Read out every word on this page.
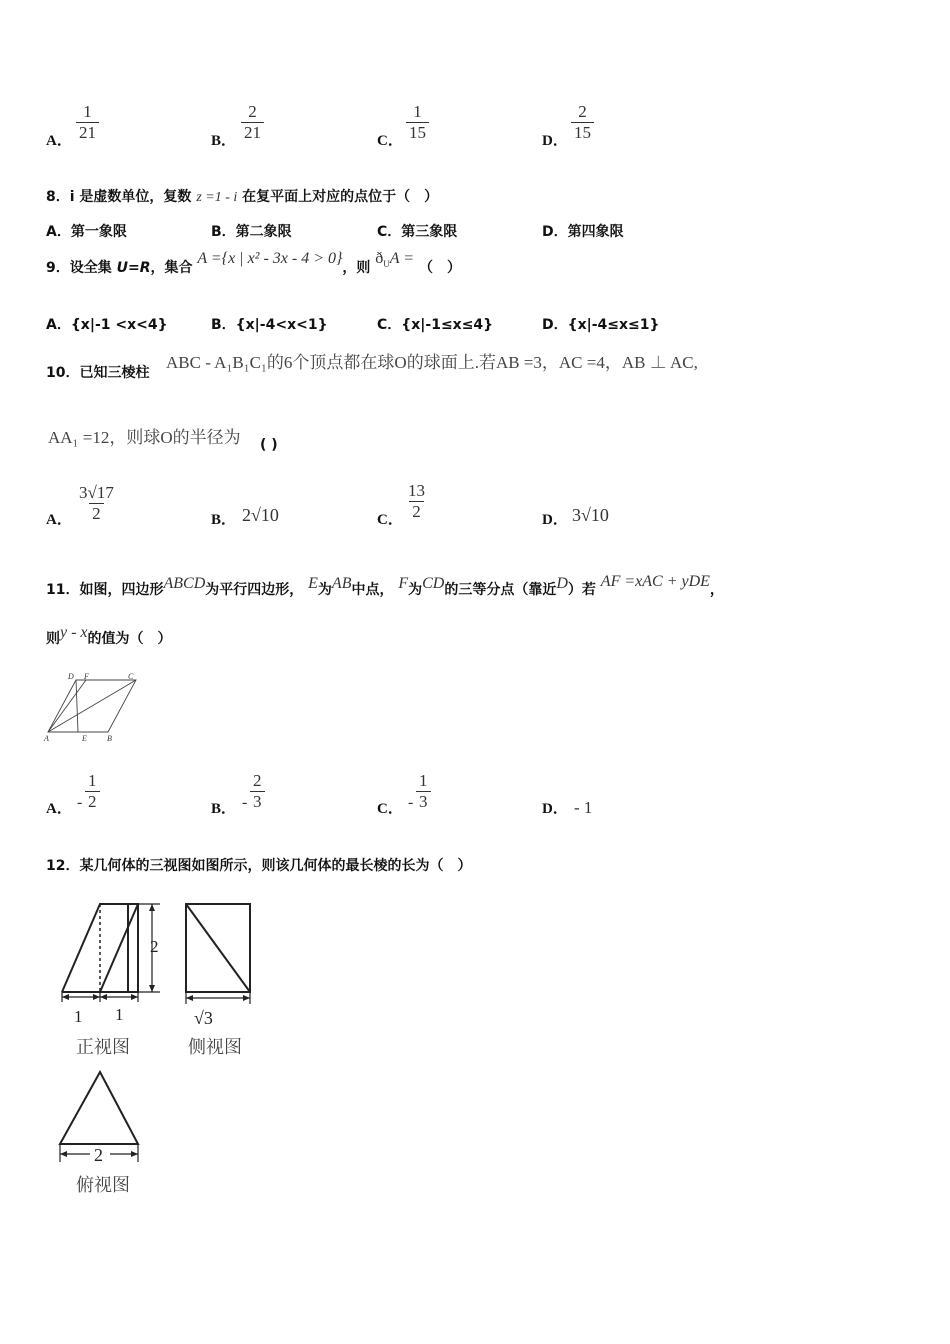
A． $\frac{1}{21}$	B． $\frac{2}{21}$	C． $\frac{1}{15}$	D． $\frac{2}{15}$
8．i 是虚数单位，复数 z =1 - i 在复平面上对应的点位于（　）
A．第一象限	B．第二象限	C．第三象限	D．第四象限
9．设全集 U=R，集合 A ={x | x² - 3x - 4 > 0}，则 $ð_UA$ = （　）
A．{x|-1 <x<4}	B．{x|-4<x<1}	C．{x|-1≤x≤4}	D．{x|-4≤x≤1}
10．已知三棱柱
ABC - A₁B₁C₁的6个顶点都在球O的球面上.若AB =3，AC =4，AB ⊥ AC,
AA₁ =12，则球O的半径为 ( )
A． $\frac{3√17}{2}$	B． 2√10	C． $\frac{13}{2}$	D． 3√10
11．如图，四边形ABCD为平行四边形， E为AB中点， F为CD的三等分点（靠近D）若 AF =xAC + yDE，
则y - x的值为（　）
D F	C
A	E	B
A． - $\frac{1}{2}$	B． - $\frac{2}{3}$	C． - $\frac{1}{3}$	D． - 1
12．某几何体的三视图如图所示，则该几何体的最长棱的长为（　）
2
1 1
正视图
√3
侧视图
2
俯视图
